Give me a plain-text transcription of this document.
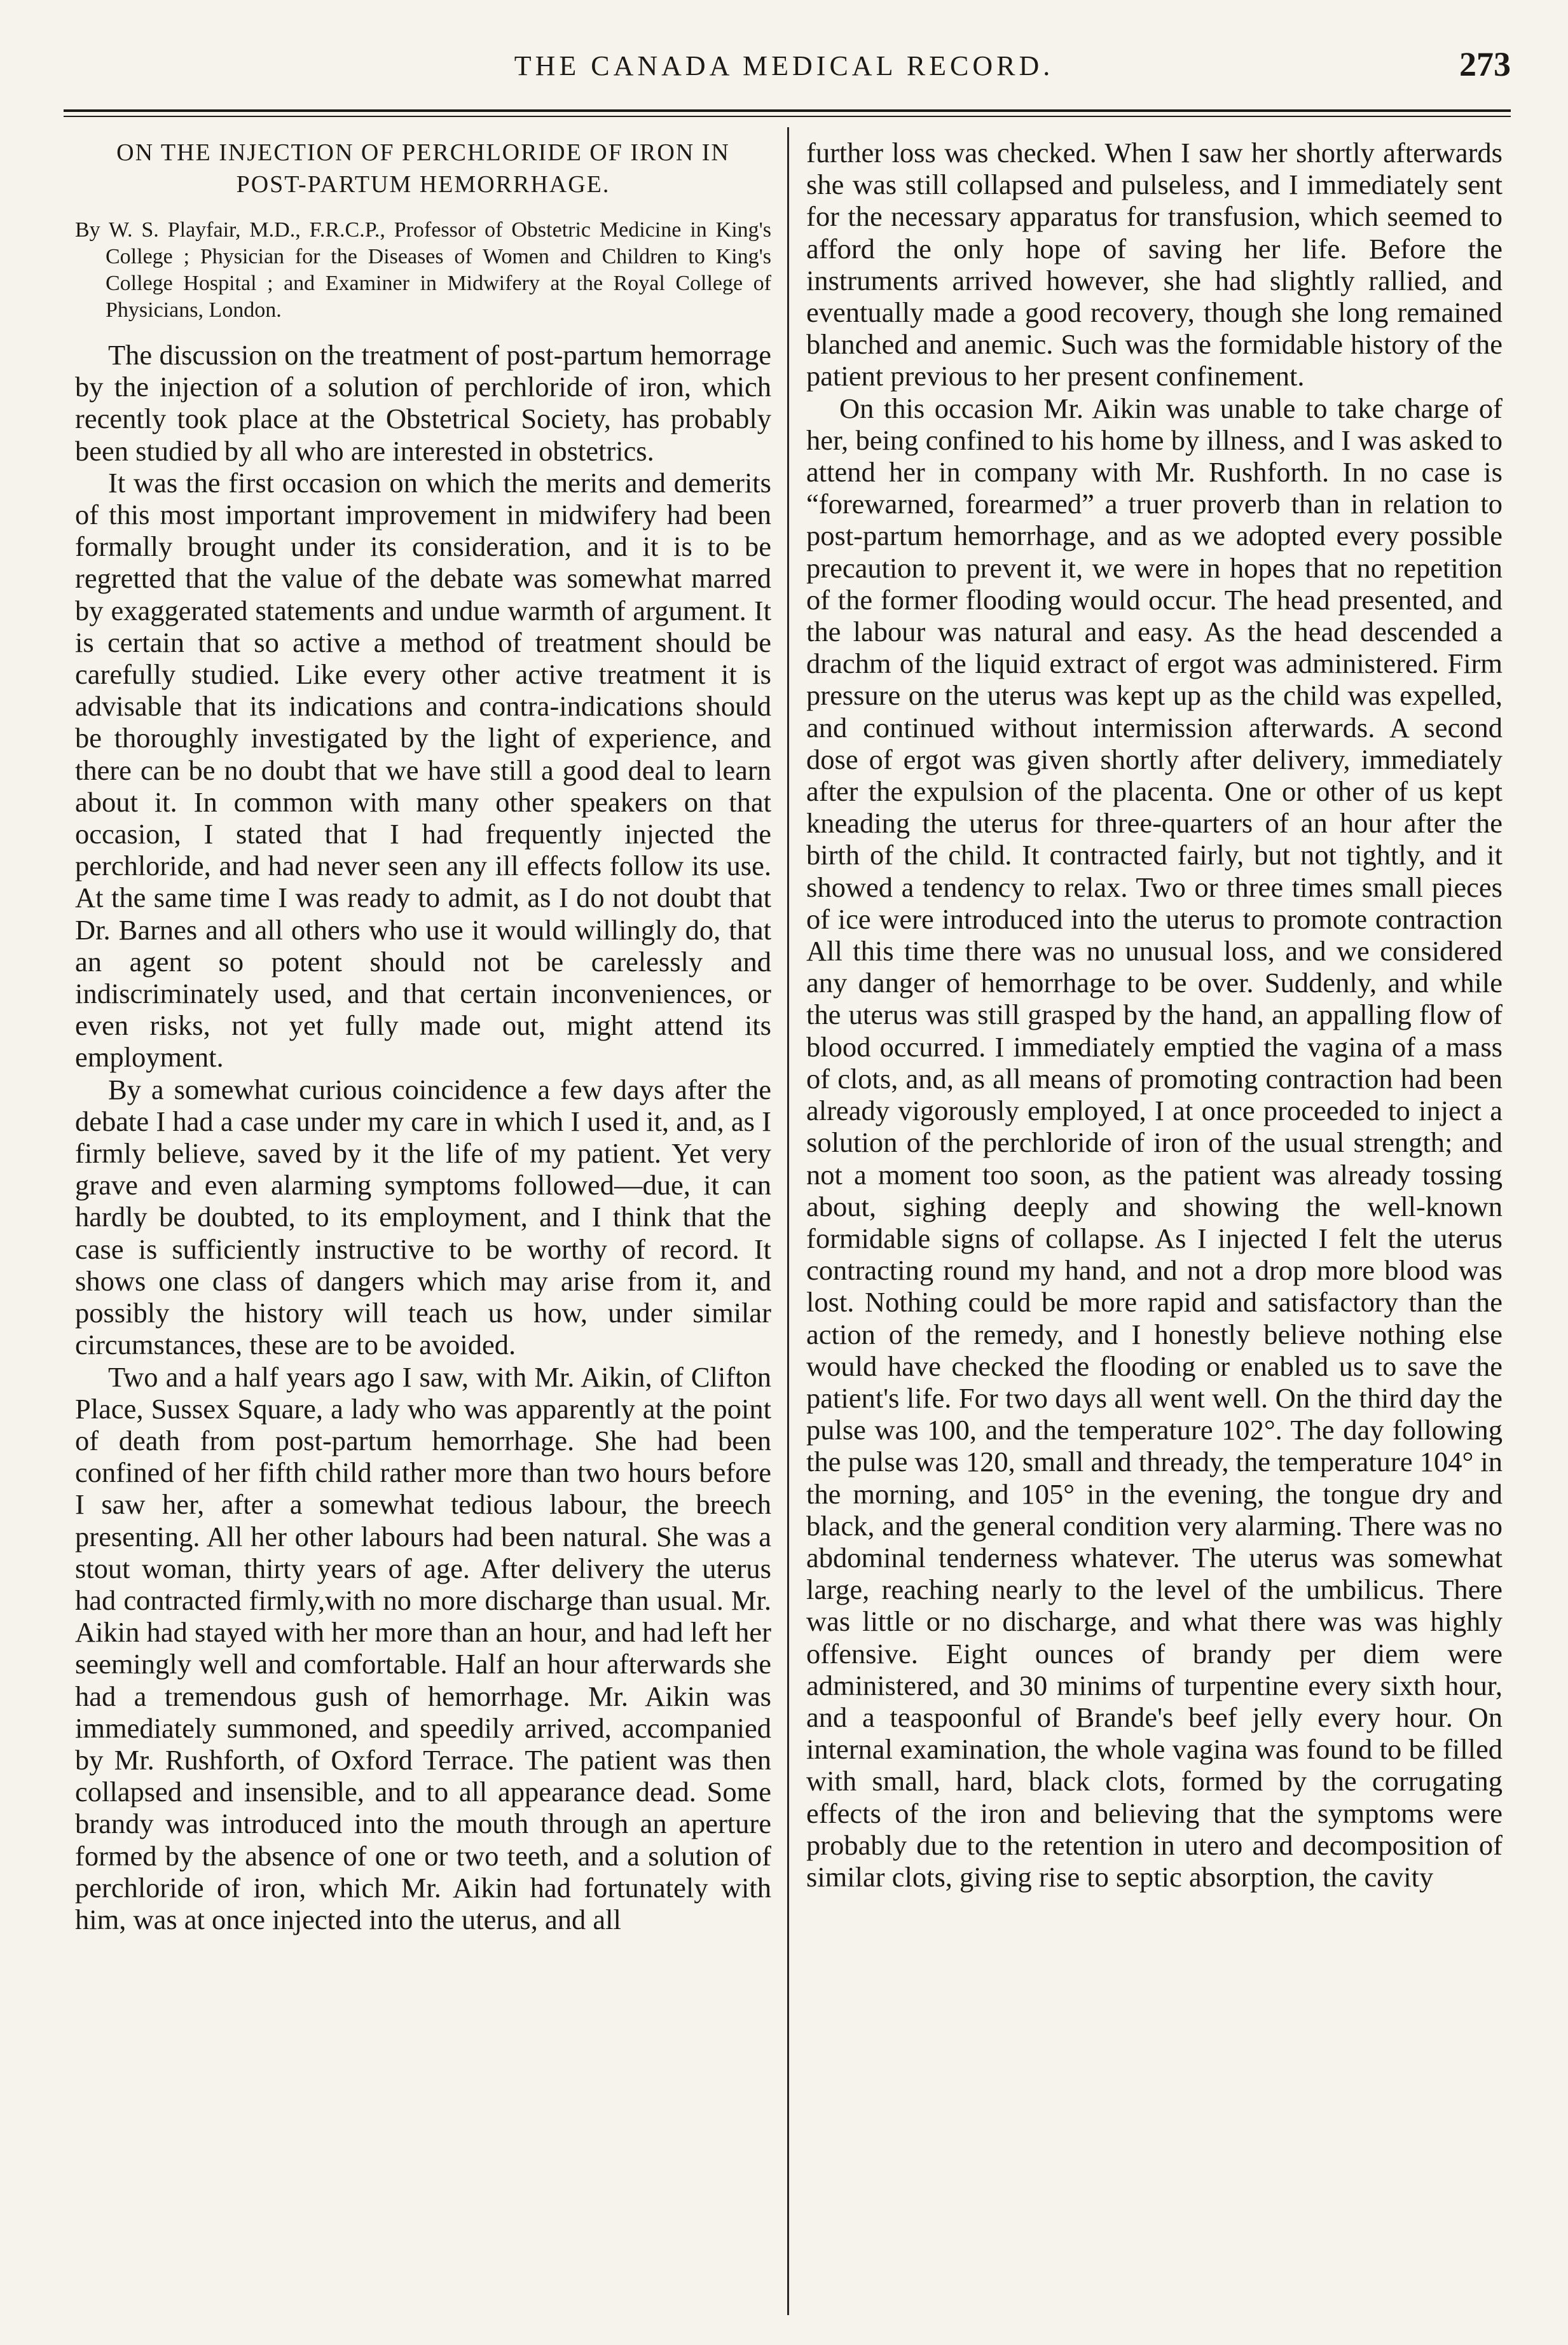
THE CANADA MEDICAL RECORD.	273
ON THE INJECTION OF PERCHLORIDE OF IRON IN
POST-PARTUM HEMORRHAGE.

By W. S. Playfair, M.D., F.R.C.P., Professor of Obstetric Medicine in King's College ; Physician for the Diseases of Women and Children to King's College Hospital ; and Examiner in Midwifery at the Royal College of Physicians, London.

The discussion on the treatment of post-partum hemorrage by the injection of a solution of perchloride of iron, which recently took place at the Obstetrical Society, has probably been studied by all who are interested in obstetrics.

It was the first occasion on which the merits and demerits of this most important improvement in midwifery had been formally brought under its consideration, and it is to be regretted that the value of the debate was somewhat marred by exaggerated statements and undue warmth of argument. It is certain that so active a method of treatment should be carefully studied. Like every other active treatment it is advisable that its indications and contra-indications should be thoroughly investigated by the light of experience, and there can be no doubt that we have still a good deal to learn about it. In common with many other speakers on that occasion, I stated that I had frequently injected the perchloride, and had never seen any ill effects follow its use. At the same time I was ready to admit, as I do not doubt that Dr. Barnes and all others who use it would willingly do, that an agent so potent should not be carelessly and indiscriminately used, and that certain inconveniences, or even risks, not yet fully made out, might attend its employment.

By a somewhat curious coincidence a few days after the debate I had a case under my care in which I used it, and, as I firmly believe, saved by it the life of my patient. Yet very grave and even alarming symptoms followed—due, it can hardly be doubted, to its employment, and I think that the case is sufficiently instructive to be worthy of record. It shows one class of dangers which may arise from it, and possibly the history will teach us how, under similar circumstances, these are to be avoided.

Two and a half years ago I saw, with Mr. Aikin, of Clifton Place, Sussex Square, a lady who was apparently at the point of death from post-partum hemorrhage. She had been confined of her fifth child rather more than two hours before I saw her, after a somewhat tedious labour, the breech presenting. All her other labours had been natural. She was a stout woman, thirty years of age. After delivery the uterus had contracted firmly,with no more discharge than usual. Mr. Aikin had stayed with her more than an hour, and had left her seemingly well and comfortable. Half an hour afterwards she had a tremendous gush of hemorrhage. Mr. Aikin was immediately summoned, and speedily arrived, accompanied by Mr. Rushforth, of Oxford Terrace. The patient was then collapsed and insensible, and to all appearance dead. Some brandy was introduced into the mouth through an aperture formed by the absence of one or two teeth, and a solution of perchloride of iron, which Mr. Aikin had fortunately with him, was at once injected into the uterus, and all

further loss was checked. When I saw her shortly afterwards she was still collapsed and pulseless, and I immediately sent for the necessary apparatus for transfusion, which seemed to afford the only hope of saving her life. Before the instruments arrived however, she had slightly rallied, and eventually made a good recovery, though she long remained blanched and anemic. Such was the formidable history of the patient previous to her present confinement.

On this occasion Mr. Aikin was unable to take charge of her, being confined to his home by illness, and I was asked to attend her in company with Mr. Rushforth. In no case is “forewarned, forearmed” a truer proverb than in relation to post-partum hemorrhage, and as we adopted every possible precaution to prevent it, we were in hopes that no repetition of the former flooding would occur. The head presented, and the labour was natural and easy. As the head descended a drachm of the liquid extract of ergot was administered. Firm pressure on the uterus was kept up as the child was expelled, and continued without intermission afterwards. A second dose of ergot was given shortly after delivery, immediately after the expulsion of the placenta. One or other of us kept kneading the uterus for three-quarters of an hour after the birth of the child. It contracted fairly, but not tightly, and it showed a tendency to relax. Two or three times small pieces of ice were introduced into the uterus to promote contraction All this time there was no unusual loss, and we considered any danger of hemorrhage to be over. Suddenly, and while the uterus was still grasped by the hand, an appalling flow of blood occurred. I immediately emptied the vagina of a mass of clots, and, as all means of promoting contraction had been already vigorously employed, I at once proceeded to inject a solution of the perchloride of iron of the usual strength; and not a moment too soon, as the patient was already tossing about, sighing deeply and showing the well-known formidable signs of collapse. As I injected I felt the uterus contracting round my hand, and not a drop more blood was lost. Nothing could be more rapid and satisfactory than the action of the remedy, and I honestly believe nothing else would have checked the flooding or enabled us to save the patient's life. For two days all went well. On the third day the pulse was 100, and the temperature 102°. The day following the pulse was 120, small and thready, the temperature 104° in the morning, and 105° in the evening, the tongue dry and black, and the general condition very alarming. There was no abdominal tenderness whatever. The uterus was somewhat large, reaching nearly to the level of the umbilicus. There was little or no discharge, and what there was was highly offensive. Eight ounces of brandy per diem were administered, and 30 minims of turpentine every sixth hour, and a teaspoonful of Brande's beef jelly every hour. On internal examination, the whole vagina was found to be filled with small, hard, black clots, formed by the corrugating effects of the iron and believing that the symptoms were probably due to the retention in utero and decomposition of similar clots, giving rise to septic absorption, the cavity
